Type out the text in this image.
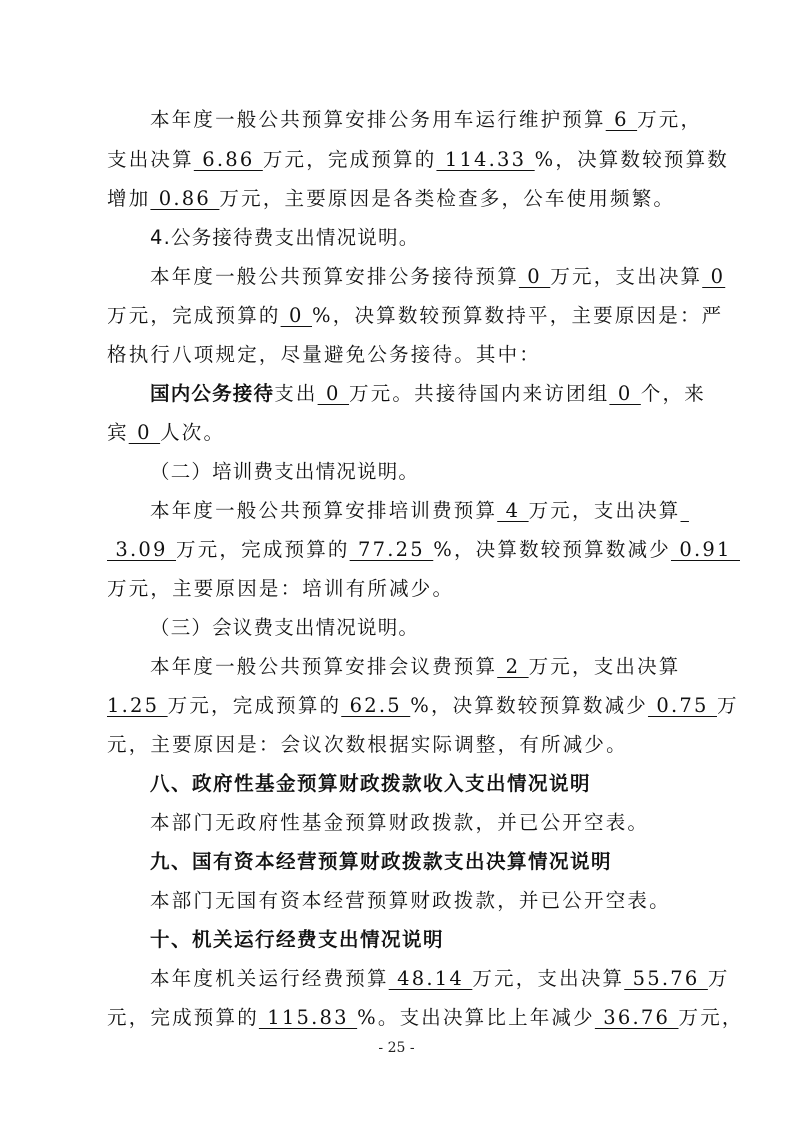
本年度一般公共预算安排公务用车运行维护预算 6 万元，
支出决算 6.86 万元，完成预算的 114.33 %，决算数较预算数
增加 0.86 万元，主要原因是各类检查多，公车使用频繁。
4.公务接待费支出情况说明。
本年度一般公共预算安排公务接待预算 0 万元，支出决算 0
万元，完成预算的 0 %，决算数较预算数持平，主要原因是：严
格执行八项规定，尽量避免公务接待。其中：
国内公务接待支出 0 万元。共接待国内来访团组 0 个，来
宾 0 人次。
（二）培训费支出情况说明。
本年度一般公共预算安排培训费预算 4 万元，支出决算
3.09 万元，完成预算的 77.25 %，决算数较预算数减少 0.91
万元，主要原因是：培训有所减少。
（三）会议费支出情况说明。
本年度一般公共预算安排会议费预算 2 万元，支出决算
1.25 万元，完成预算的 62.5 %，决算数较预算数减少 0.75 万
元，主要原因是：会议次数根据实际调整，有所减少。
八、政府性基金预算财政拨款收入支出情况说明
本部门无政府性基金预算财政拨款，并已公开空表。
九、国有资本经营预算财政拨款支出决算情况说明
本部门无国有资本经营预算财政拨款，并已公开空表。
十、机关运行经费支出情况说明
本年度机关运行经费预算 48.14 万元，支出决算 55.76 万
元，完成预算的 115.83 %。支出决算比上年减少 36.76 万元，
- 25 -
